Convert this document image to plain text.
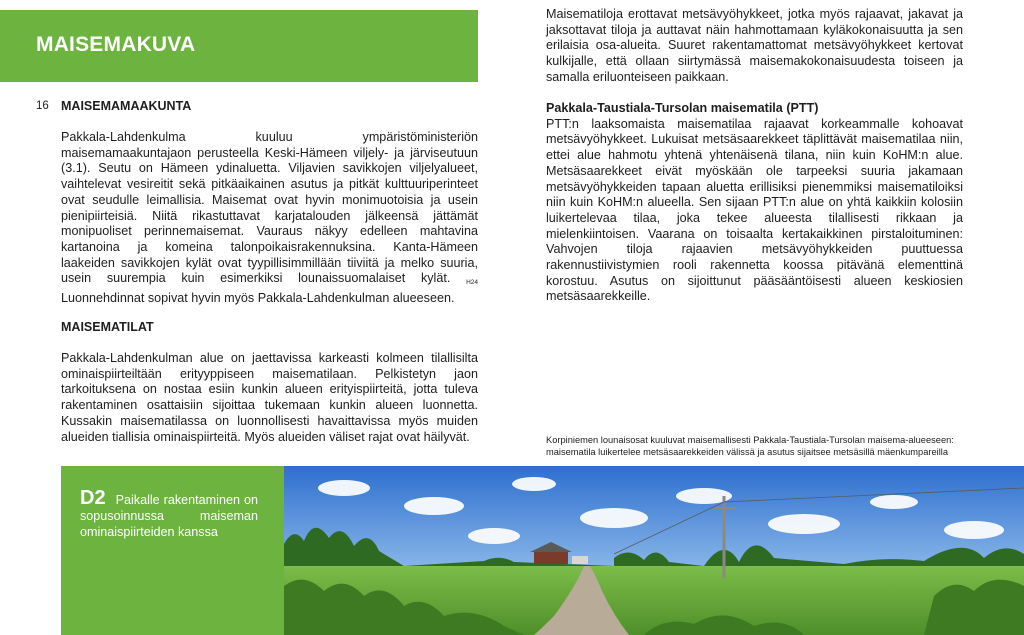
MAISEMAKUVA
16 MAISEMAMAAKUNTA

Pakkala-Lahdenkulma kuuluu ympäristöministeriön maisemamaakuntajaon perusteella Keski-Hämeen viljely- ja järviseutuun (3.1). Seutu on Hämeen ydinaluetta. Viljavien savikkojen viljelyalueet, vaihtelevat vesireitit sekä pitkäaikainen asutus ja pitkät kulttuuriperinteet ovat seudulle leimallisia. Maisemat ovat hyvin monimuotoisia ja usein pienipiirteisiä. Niitä rikastuttavat karjatalouden jälkeensä jättämät monipuoliset perinnemaisemat. Vauraus näkyy edelleen mahtavina kartanoina ja komeina talonpoikaisrakennuksina. Kanta-Hämeen laakeiden savikkojen kylät ovat tyypillisimmillään tiiviitä ja melko suuria, usein suurempia kuin esimerkiksi lounaissuomalaiset kylät. $_{H24}$ Luonnehdinnat sopivat hyvin myös Pakkala-Lahdenkulman alueeseen.

MAISEMATILAT

Pakkala-Lahdenkulman alue on jaettavissa karkeasti kolmeen tilallisilta ominaispiirteiltään erityyppiseen maisematilaan. Pelkistetyn jaon tarkoituksena on nostaa esiin kunkin alueen erityispiirteitä, jotta tuleva rakentaminen osattaisiin sijoittaa tukemaan kunkin alueen luonnetta. Kussakin maisematilassa on luonnollisesti havaittavissa myös muiden alueiden tiallisia ominaispiirteitä. Myös alueiden väliset rajat ovat häilyvät.

Maisematiloja erottavat metsävyöhykkeet, jotka myös rajaavat, jakavat ja jaksottavat tiloja ja auttavat näin hahmottamaan kyläkokonaisuutta ja sen erilaisia osa-alueita. Suuret rakentamattomat metsävyöhykkeet kertovat kulkijalle, että ollaan siirtymässä maisemakokonaisuudesta toiseen ja samalla eriluonteiseen paikkaan.

Pakkala-Taustiala-Tursolan maisematila (PTT)
PTT:n laaksomaista maisematilaa rajaavat korkeammalle kohoavat metsävyöhykkeet. Lukuisat metsäsaarekkeet täplittävät maisematilaa niin, ettei alue hahmotu yhtenä yhtenäisenä tilana, niin kuin KoHM:n alue. Metsäsaarekkeet eivät myöskään ole tarpeeksi suuria jakamaan metsävyöhykkeiden tapaan aluetta erillisiksi pienemmiksi maisematiloiksi niin kuin KoHM:n alueella. Sen sijaan PTT:n alue on yhtä kaikkiin kolosiin luikertelevaa tilaa, joka tekee alueesta tilallisesti rikkaan ja mielenkiintoisen. Vaarana on toisaalta kertakaikkinen pirstaloituminen: Vahvojen tiloja rajaavien metsävyöhykkeiden puuttuessa rakennustiivistymien rooli rakennetta koossa pitävänä elementtinä korostuu. Asutus on sijoittunut pääsääntöisesti alueen keskiosien metsäsaarekkeille.

Korpiniemen lounaisosat kuuluvat maisemallisesti Pakkala-Taustiala-Tursolan maisema-alueeseen:
maisematila luikertelee metsäsaarekkeiden välissä ja asutus sijaitsee metsäsillä mäenkumpareilla

D2 Paikalle rakentaminen on sopusoinnussa maiseman ominaispiirteiden kanssa
